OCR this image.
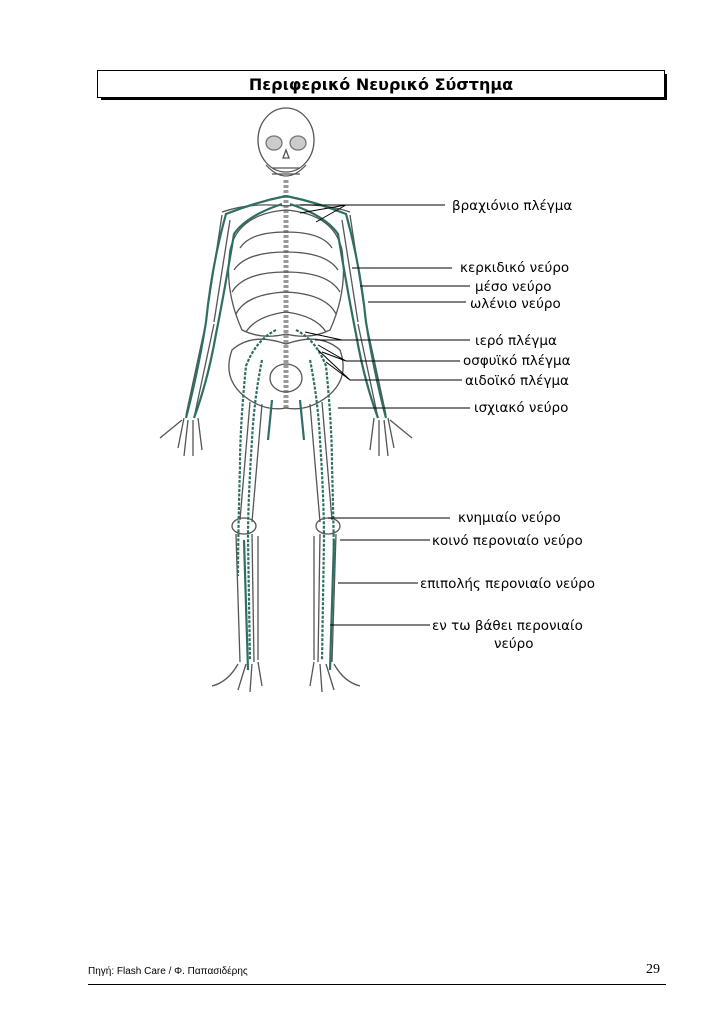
Περιφερικό Νευρικό Σύστημα
βραχιόνιο πλέγμα
κερκιδικό νεύρο
μέσο νεύρο
ωλένιο νεύρο
ιερό πλέγμα
οσφυϊκό πλέγμα
αιδοϊκό πλέγμα
ισχιακό νεύρο
κνημιαίο νεύρο
κοινό περονιαίο νεύρο
επιπολής περονιαίο νεύρο
εν τω βάθει περονιαίο
νεύρο
Πηγή: Flash Care / Φ. Παπασιδέρης	29
